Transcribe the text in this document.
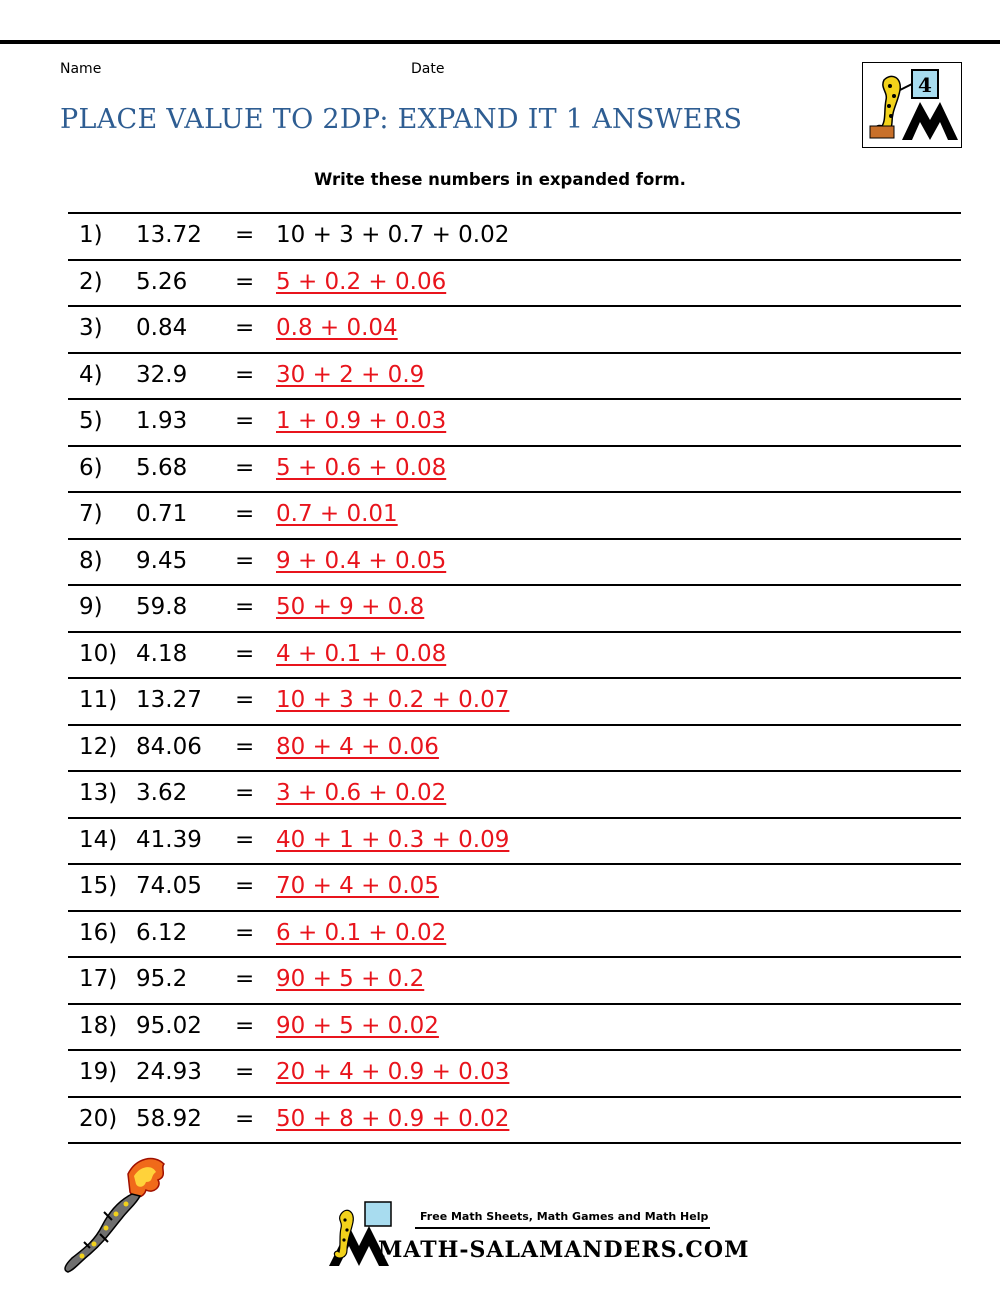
Name	Date
PLACE VALUE TO 2DP: EXPAND IT 1 ANSWERS
4
Write these numbers in expanded form.
1) 13.72 = 10 + 3 + 0.7 + 0.02
2) 5.26 = 5 + 0.2 + 0.06
3) 0.84 = 0.8 + 0.04
4) 32.9 = 30 + 2 + 0.9
5) 1.93 = 1 + 0.9 + 0.03
6) 5.68 = 5 + 0.6 + 0.08
7) 0.71 = 0.7 + 0.01
8) 9.45 = 9 + 0.4 + 0.05
9) 59.8 = 50 + 9 + 0.8
10) 4.18 = 4 + 0.1 + 0.08
11) 13.27 = 10 + 3 + 0.2 + 0.07
12) 84.06 = 80 + 4 + 0.06
13) 3.62 = 3 + 0.6 + 0.02
14) 41.39 = 40 + 1 + 0.3 + 0.09
15) 74.05 = 70 + 4 + 0.05
16) 6.12 = 6 + 0.1 + 0.02
17) 95.2 = 90 + 5 + 0.2
18) 95.02 = 90 + 5 + 0.02
19) 24.93 = 20 + 4 + 0.9 + 0.03
20) 58.92 = 50 + 8 + 0.9 + 0.02
Free Math Sheets, Math Games and Math Help
MATH-SALAMANDERS.COM
